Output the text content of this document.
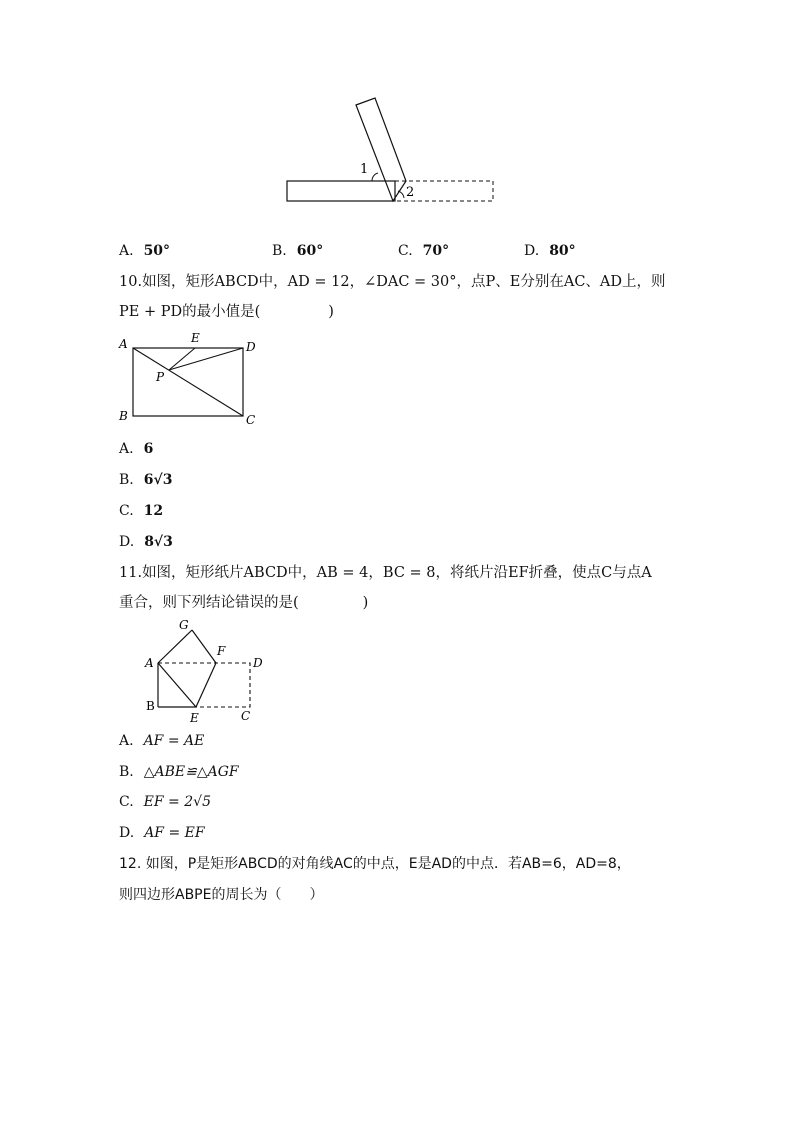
1
2
A. 50°	B. 60°	C. 70°	D. 80°
10.如图，矩形ABCD中，AD = 12，∠DAC = 30°，点P、E分别在AC、AD上，则
PE + PD的最小值是(	)
A	D
E
P
B	C
A. 6
B. 6√3
C. 12
D. 8√3
11.如图，矩形纸片ABCD中，AB = 4，BC = 8，将纸片沿EF折叠，使点C与点A
重合，则下列结论错误的是(	)
G
A
F
D
B
E	C
A. AF = AE
B. △ABE≌△AGF
C. EF = 2√5
D. AF = EF
12. 如图，P是矩形ABCD的对角线AC的中点，E是AD的中点．若AB=6，AD=8，
则四边形ABPE的周长为（　　）
